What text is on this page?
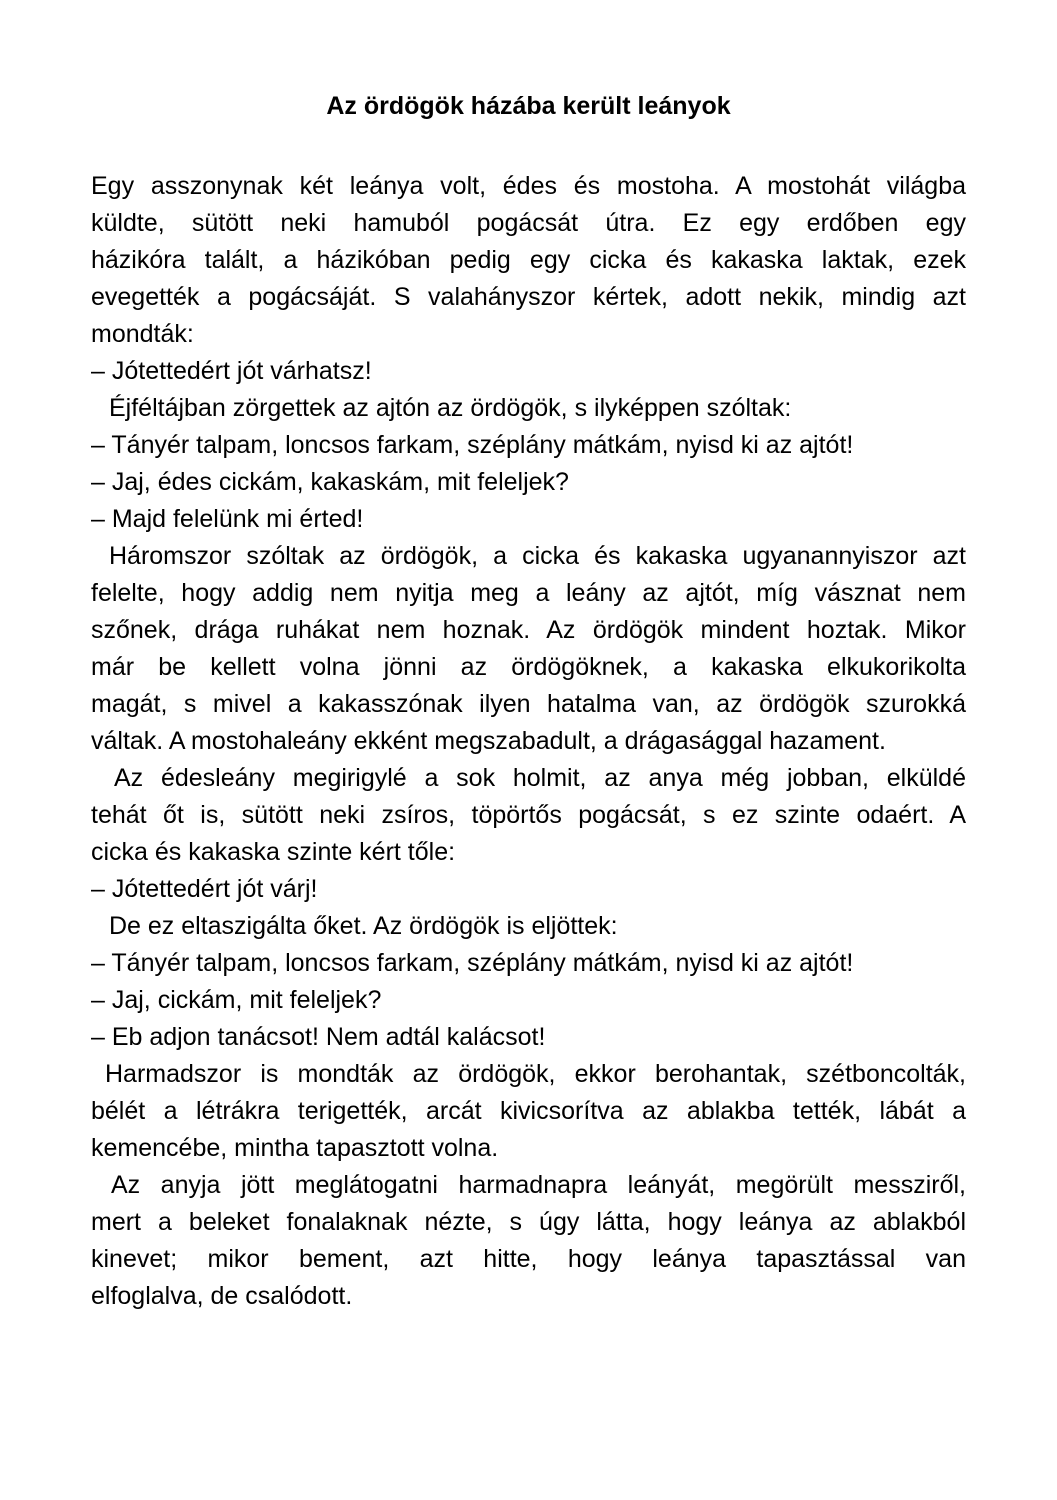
Az ördögök házába került leányok
Egy asszonynak két leánya volt, édes és mostoha. A mostohát világba
küldte, sütött neki hamuból pogácsát útra. Ez egy erdőben egy
házikóra talált, a házikóban pedig egy cicka és kakaska laktak, ezek
evegették a pogácsáját. S valahányszor kértek, adott nekik, mindig azt
mondták:
– Jótettedért jót várhatsz!
Éjféltájban zörgettek az ajtón az ördögök, s ilyképpen szóltak:
– Tányér talpam, loncsos farkam, széplány mátkám, nyisd ki az ajtót!
– Jaj, édes cickám, kakaskám, mit feleljek?
– Majd felelünk mi érted!
Háromszor szóltak az ördögök, a cicka és kakaska ugyanannyiszor azt
felelte, hogy addig nem nyitja meg a leány az ajtót, míg vásznat nem
szőnek, drága ruhákat nem hoznak. Az ördögök mindent hoztak. Mikor
már be kellett volna jönni az ördögöknek, a kakaska elkukorikolta
magát, s mivel a kakasszónak ilyen hatalma van, az ördögök szurokká
váltak. A mostohaleány ekként megszabadult, a drágasággal hazament.
Az édesleány megirigylé a sok holmit, az anya még jobban, elküldé
tehát őt is, sütött neki zsíros, töpörtős pogácsát, s ez szinte odaért. A
cicka és kakaska szinte kért tőle:
– Jótettedért jót várj!
De ez eltaszigálta őket. Az ördögök is eljöttek:
– Tányér talpam, loncsos farkam, széplány mátkám, nyisd ki az ajtót!
– Jaj, cickám, mit feleljek?
– Eb adjon tanácsot! Nem adtál kalácsot!
Harmadszor is mondták az ördögök, ekkor berohantak, szétboncolták,
bélét a létrákra terigették, arcát kivicsorítva az ablakba tették, lábát a
kemencébe, mintha tapasztott volna.
Az anyja jött meglátogatni harmadnapra leányát, megörült messziről,
mert a beleket fonalaknak nézte, s úgy látta, hogy leánya az ablakból
kinevet; mikor bement, azt hitte, hogy leánya tapasztással van
elfoglalva, de csalódott.
